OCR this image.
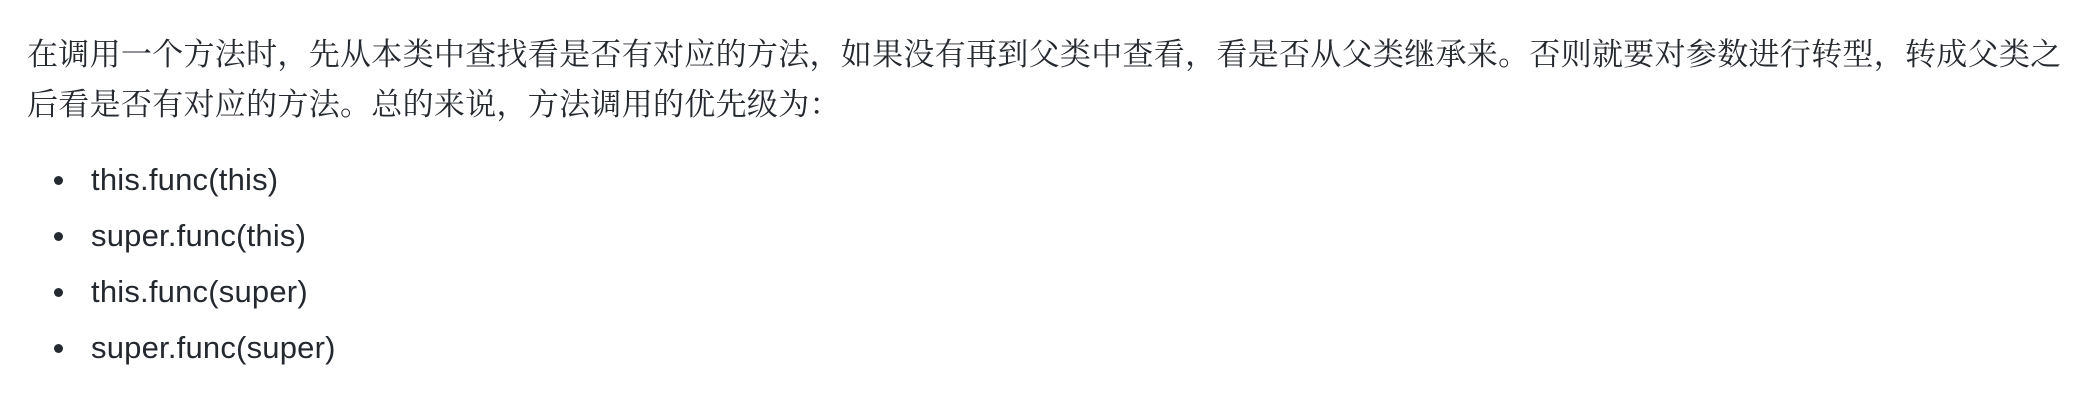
在调用一个方法时，先从本类中查找看是否有对应的方法，如果没有再到父类中查看，看是否从父类继承来。否则就要对参数进行转型，转成父类之后看是否有对应的方法。总的来说，方法调用的优先级为：

this.func(this)
super.func(this)
this.func(super)
super.func(super)
